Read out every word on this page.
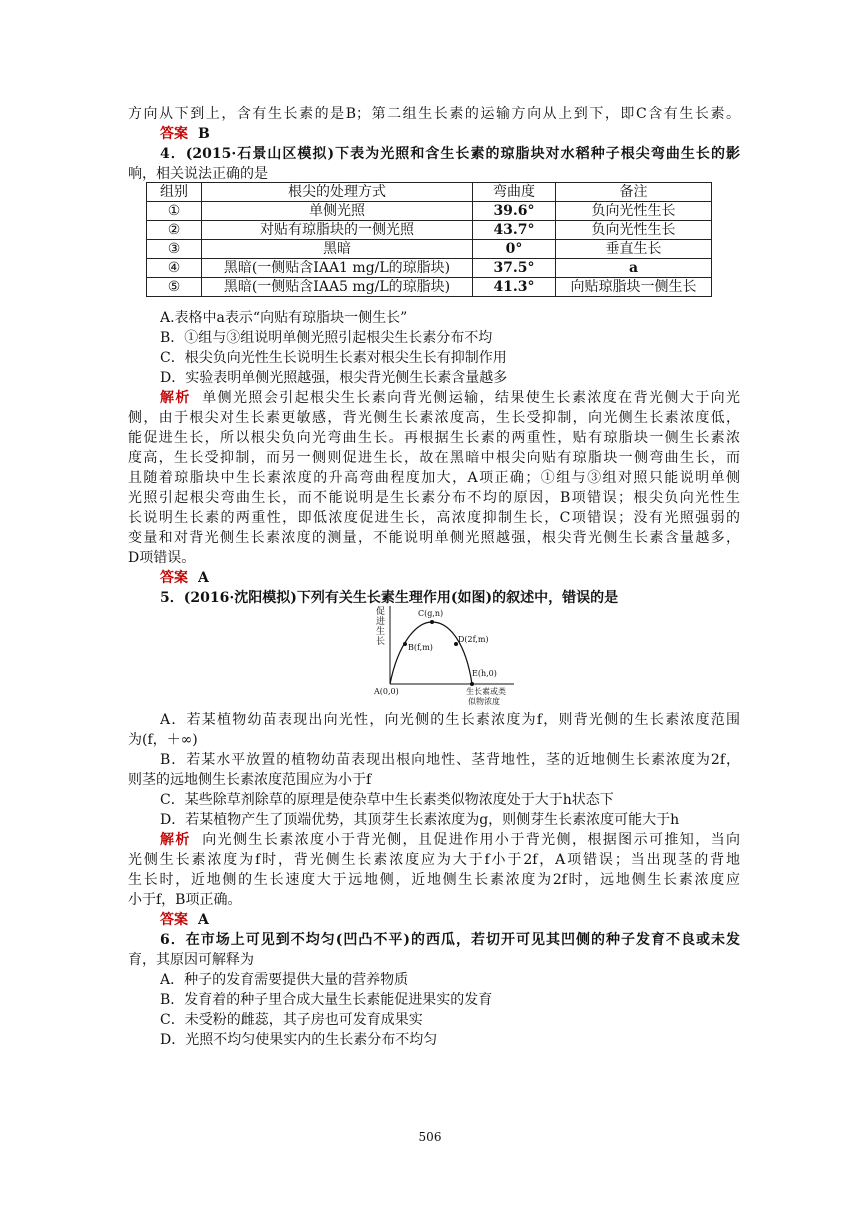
方向从下到上，含有生长素的是B；第二组生长素的运输方向从上到下，即C含有生长素。
答案 B
4．(2015·石景山区模拟)下表为光照和含生长素的琼脂块对水稻种子根尖弯曲生长的影
响，相关说法正确的是
组别	根尖的处理方式	弯曲度	备注
①	单侧光照	39.6°	负向光性生长
②	对贴有琼脂块的一侧光照	43.7°	负向光性生长
③	黑暗	0°	垂直生长
④	黑暗(一侧贴含IAA1 mg/L的琼脂块)	37.5°	a
⑤	黑暗(一侧贴含IAA5 mg/L的琼脂块)	41.3°	向贴琼脂块一侧生长
A.表格中a表示“向贴有琼脂块一侧生长”
B．①组与③组说明单侧光照引起根尖生长素分布不均
C．根尖负向光性生长说明生长素对根尖生长有抑制作用
D．实验表明单侧光照越强，根尖背光侧生长素含量越多
解析 单侧光照会引起根尖生长素向背光侧运输，结果使生长素浓度在背光侧大于向光
侧，由于根尖对生长素更敏感，背光侧生长素浓度高，生长受抑制，向光侧生长素浓度低，
能促进生长，所以根尖负向光弯曲生长。再根据生长素的两重性，贴有琼脂块一侧生长素浓
度高，生长受抑制，而另一侧则促进生长，故在黑暗中根尖向贴有琼脂块一侧弯曲生长，而
且随着琼脂块中生长素浓度的升高弯曲程度加大，A项正确；①组与③组对照只能说明单侧
光照引起根尖弯曲生长，而不能说明是生长素分布不均的原因，B项错误；根尖负向光性生
长说明生长素的两重性，即低浓度促进生长，高浓度抑制生长，C项错误；没有光照强弱的
变量和对背光侧生长素浓度的测量，不能说明单侧光照越强，根尖背光侧生长素含量越多，
D项错误。
答案 A
5．(2016·沈阳模拟)下列有关生长素生理作用(如图)的叙述中，错误的是
促 进 生 长
C(g,n)
B(f,m)
D(2f,m)
E(h,0)
A(0,0)	生长素或类
似物浓度
A．若某植物幼苗表现出向光性，向光侧的生长素浓度为f，则背光侧的生长素浓度范围
为(f，＋∞)
B．若某水平放置的植物幼苗表现出根向地性、茎背地性，茎的近地侧生长素浓度为2f，
则茎的远地侧生长素浓度范围应为小于f
C．某些除草剂除草的原理是使杂草中生长素类似物浓度处于大于h状态下
D．若某植物产生了顶端优势，其顶芽生长素浓度为g，则侧芽生长素浓度可能大于h
解析 向光侧生长素浓度小于背光侧，且促进作用小于背光侧，根据图示可推知，当向
光侧生长素浓度为f时，背光侧生长素浓度应为大于f小于2f，A项错误；当出现茎的背地
生长时，近地侧的生长速度大于远地侧，近地侧生长素浓度为2f时，远地侧生长素浓度应
小于f，B项正确。
答案 A
6．在市场上可见到不均匀(凹凸不平)的西瓜，若切开可见其凹侧的种子发育不良或未发
育，其原因可解释为
A．种子的发育需要提供大量的营养物质
B．发育着的种子里合成大量生长素能促进果实的发育
C．未受粉的雌蕊，其子房也可发育成果实
D．光照不均匀使果实内的生长素分布不均匀
506
